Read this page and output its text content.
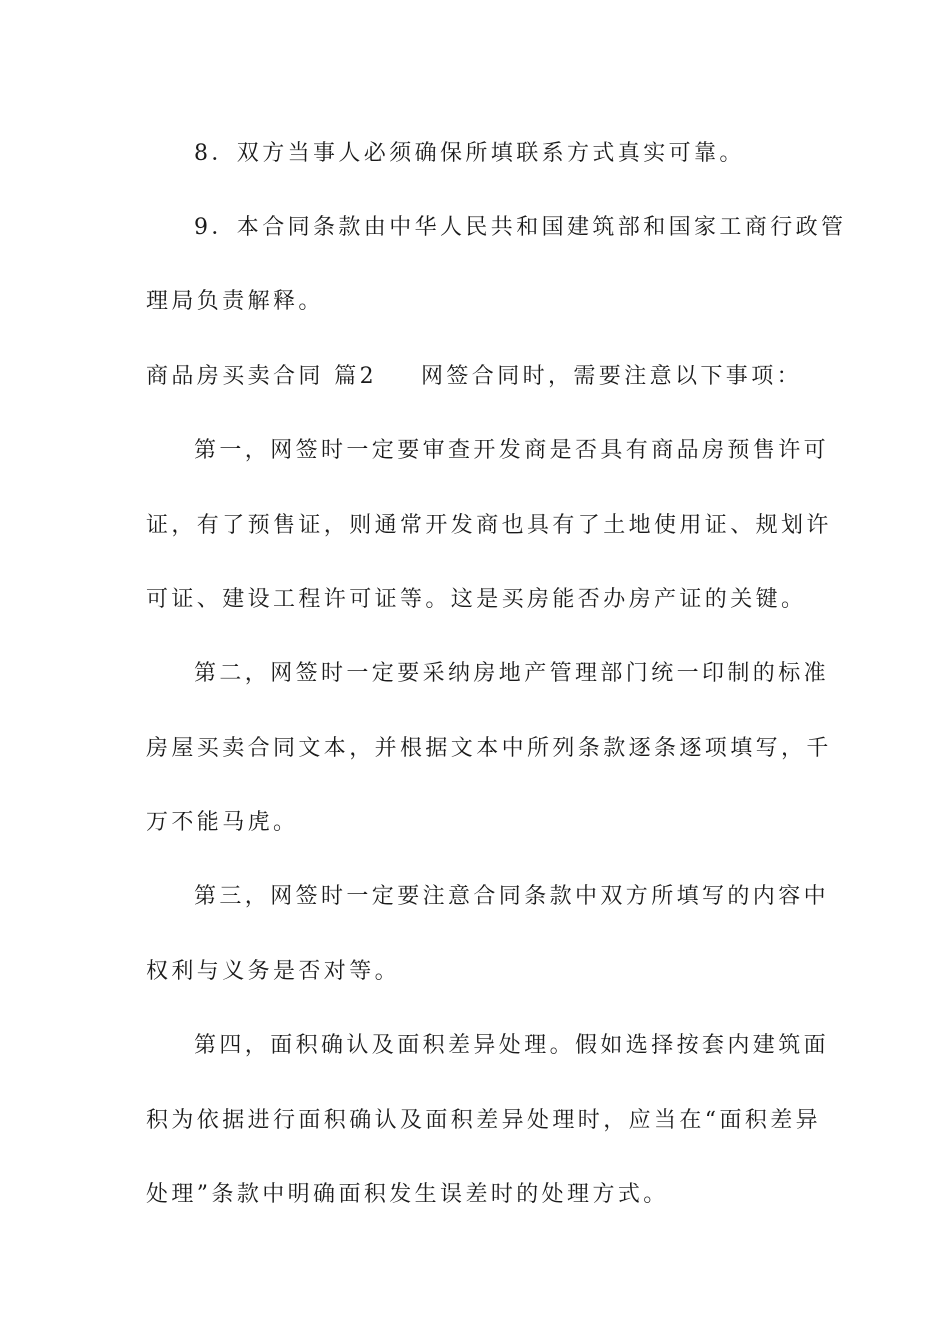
8．双方当事人必须确保所填联系方式真实可靠。
9．本合同条款由中华人民共和国建筑部和国家工商行政管
理局负责解释。
商品房买卖合同 篇2 网签合同时，需要注意以下事项：
第一，网签时一定要审查开发商是否具有商品房预售许可
证，有了预售证，则通常开发商也具有了土地使用证、规划许
可证、建设工程许可证等。这是买房能否办房产证的关键。
第二，网签时一定要采纳房地产管理部门统一印制的标准
房屋买卖合同文本，并根据文本中所列条款逐条逐项填写，千
万不能马虎。
第三，网签时一定要注意合同条款中双方所填写的内容中
权利与义务是否对等。
第四，面积确认及面积差异处理。假如选择按套内建筑面
积为依据进行面积确认及面积差异处理时，应当在“面积差异
处理”条款中明确面积发生误差时的处理方式。
